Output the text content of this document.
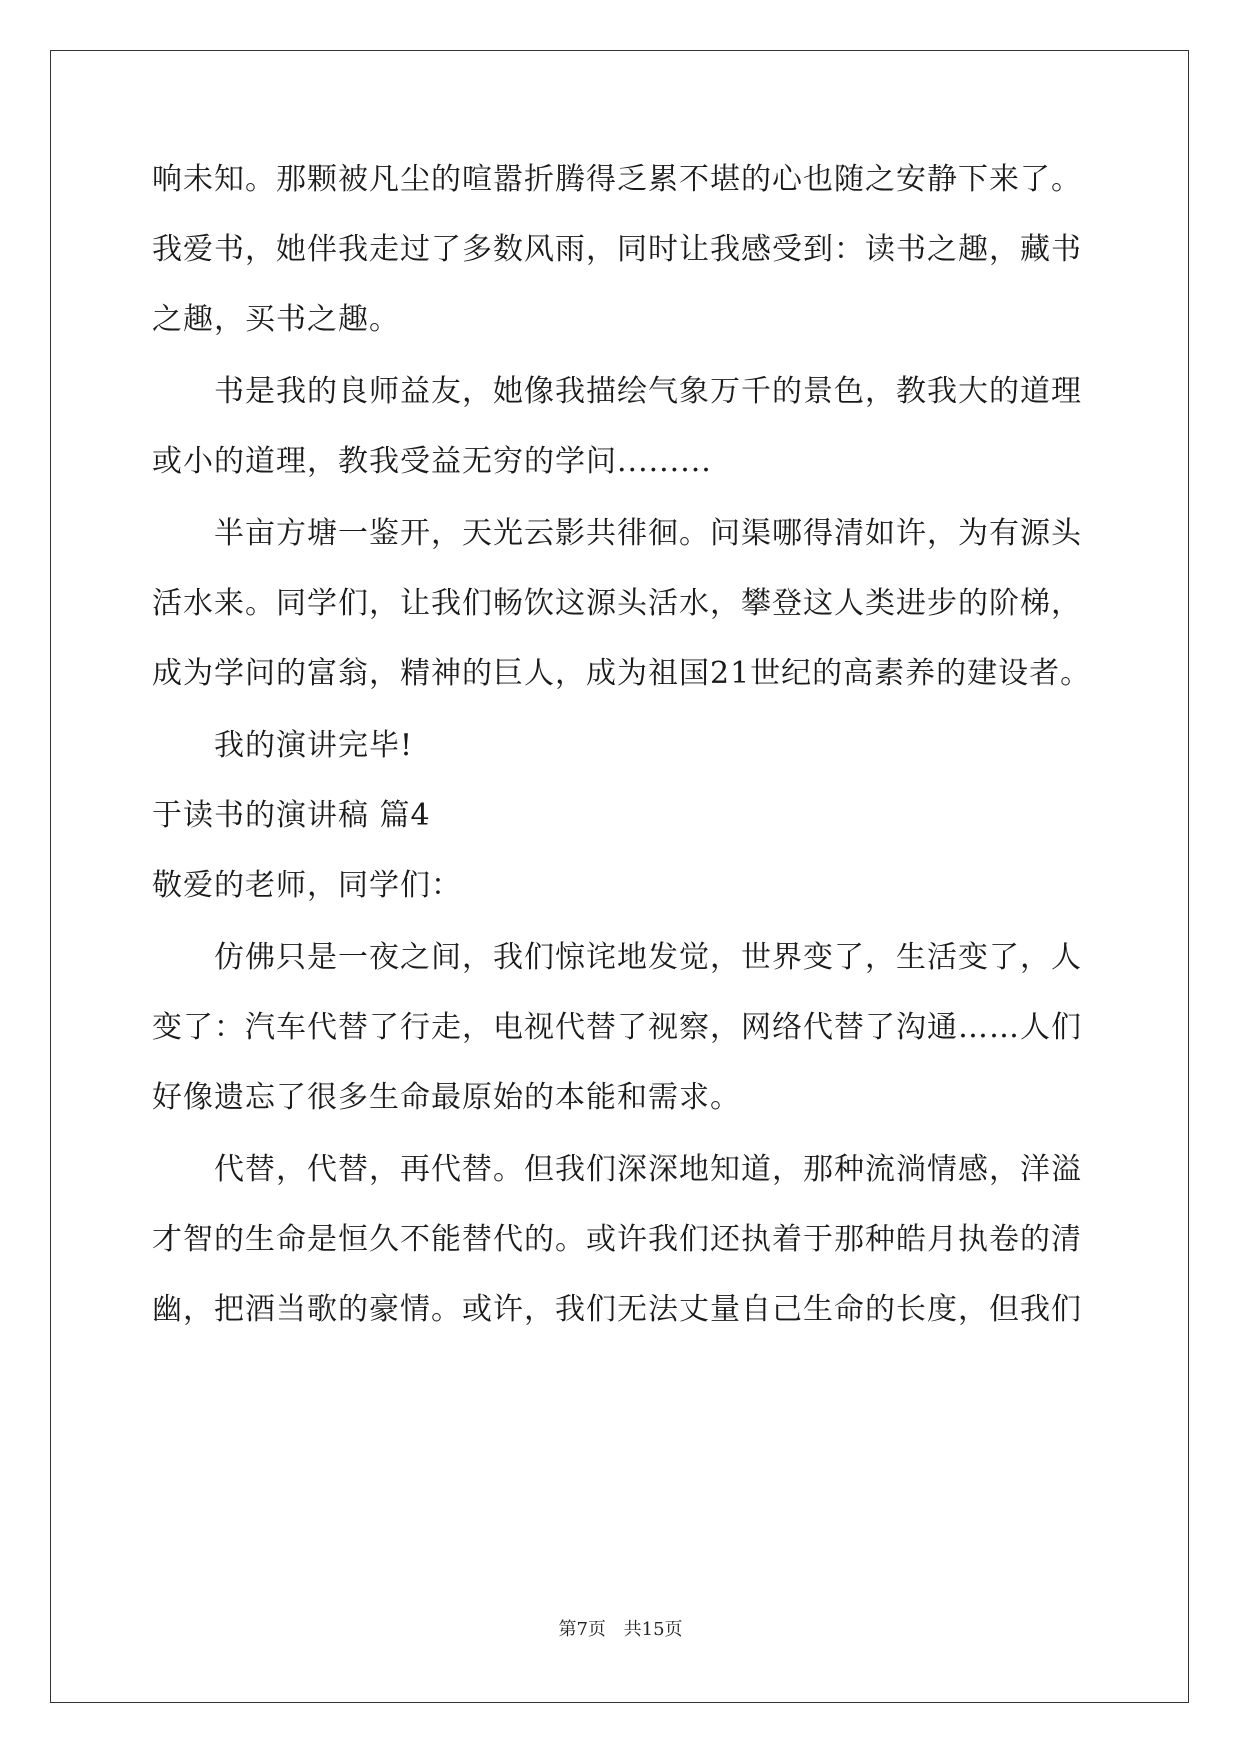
响未知。那颗被凡尘的喧嚣折腾得乏累不堪的心也随之安静下来了。
我爱书，她伴我走过了多数风雨，同时让我感受到：读书之趣，藏书
之趣，买书之趣。
书是我的良师益友，她像我描绘气象万千的景色，教我大的道理
或小的道理，教我受益无穷的学问.........
半亩方塘一鉴开，天光云影共徘徊。问渠哪得清如许，为有源头
活水来。同学们，让我们畅饮这源头活水，攀登这人类进步的阶梯，
成为学问的富翁，精神的巨人，成为祖国21世纪的高素养的建设者。
我的演讲完毕!
于读书的演讲稿 篇4
敬爱的老师，同学们：
仿佛只是一夜之间，我们惊诧地发觉，世界变了，生活变了，人
变了：汽车代替了行走，电视代替了视察，网络代替了沟通……人们
好像遗忘了很多生命最原始的本能和需求。
代替，代替，再代替。但我们深深地知道，那种流淌情感，洋溢
才智的生命是恒久不能替代的。或许我们还执着于那种皓月执卷的清
幽，把酒当歌的豪情。或许，我们无法丈量自己生命的长度，但我们
第7页 共15页
